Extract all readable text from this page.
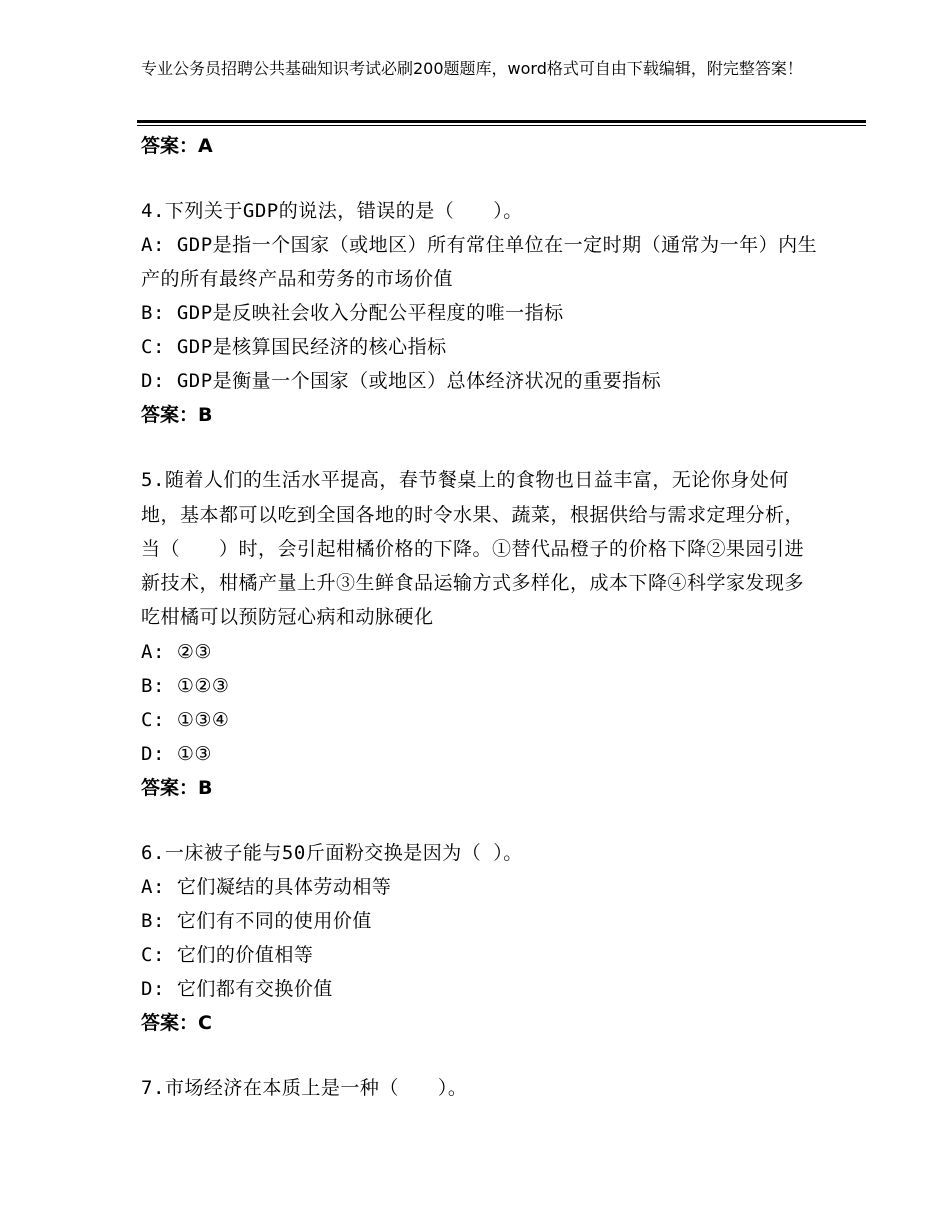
专业公务员招聘公共基础知识考试必刷200题题库，word格式可自由下载编辑，附完整答案！
答案：A
4.下列关于GDP的说法，错误的是（　　）。
A: GDP是指一个国家（或地区）所有常住单位在一定时期（通常为一年）内生产的所有最终产品和劳务的市场价值
B: GDP是反映社会收入分配公平程度的唯一指标
C: GDP是核算国民经济的核心指标
D: GDP是衡量一个国家（或地区）总体经济状况的重要指标
答案：B
5.随着人们的生活水平提高，春节餐桌上的食物也日益丰富，无论你身处何地，基本都可以吃到全国各地的时令水果、蔬菜，根据供给与需求定理分析，当（　　）时，会引起柑橘价格的下降。①替代品橙子的价格下降②果园引进新技术，柑橘产量上升③生鲜食品运输方式多样化，成本下降④科学家发现多吃柑橘可以预防冠心病和动脉硬化
A: ②③
B: ①②③
C: ①③④
D: ①③
答案：B
6.一床被子能与50斤面粉交换是因为（ ）。
A: 它们凝结的具体劳动相等
B: 它们有不同的使用价值
C: 它们的价值相等
D: 它们都有交换价值
答案：C
7.市场经济在本质上是一种（　　）。
